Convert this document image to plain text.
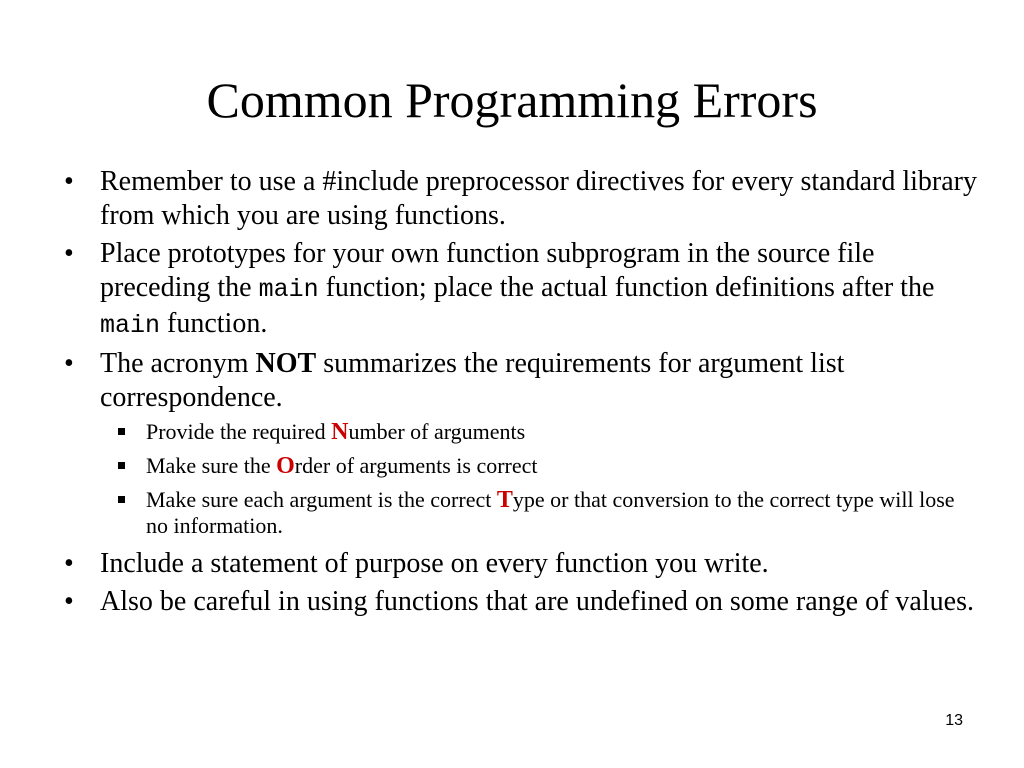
Common Programming Errors
• Remember to use a #include preprocessor directives for every standard library from which you are using functions.
• Place prototypes for your own function subprogram in the source file preceding the main function; place the actual function definitions after the main function.
• The acronym NOT summarizes the requirements for argument list correspondence.
Provide the required Number of arguments
Make sure the Order of arguments is correct
Make sure each argument is the correct Type or that conversion to the correct type will lose no information.
• Include a statement of purpose on every function you write.
• Also be careful in using functions that are undefined on some range of values.
13
